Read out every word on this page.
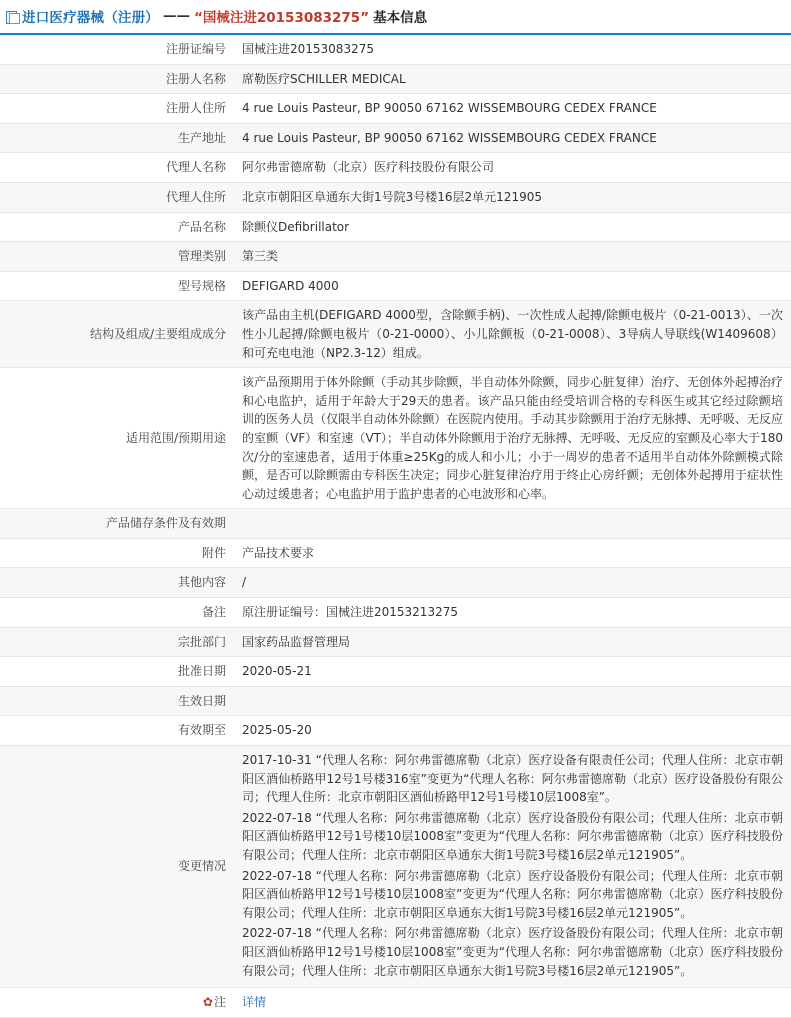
进口医疗器械（注册） —— “国械注进20153083275” 基本信息
注册证编号	国械注进20153083275
注册人名称	席勒医疗SCHILLER MEDICAL
注册人住所	4 rue Louis Pasteur, BP 90050 67162 WISSEMBOURG CEDEX FRANCE
生产地址	4 rue Louis Pasteur, BP 90050 67162 WISSEMBOURG CEDEX FRANCE
代理人名称	阿尔弗雷德席勒（北京）医疗科技股份有限公司
代理人住所	北京市朝阳区阜通东大街1号院3号楼16层2单元121905
产品名称	除颤仪Defibrillator
管理类别	第三类
型号规格	DEFIGARD 4000
结构及组成/主要组成成分	该产品由主机(DEFIGARD 4000型，含除颤手柄)、一次性成人起搏/除颤电极片（0-21-0013）、一次性小儿起搏/除颤电极片（0-21-0000）、小儿除颤板（0-21-0008）、3导病人导联线(W1409608）和可充电电池（NP2.3-12）组成。
适用范围/预期用途	该产品预期用于体外除颤（手动其步除颤，半自动体外除颤，同步心脏复律）治疗、无创体外起搏治疗和心电监护，适用于年龄大于29天的患者。该产品只能由经受培训合格的专科医生或其它经过除颤培训的医务人员（仅限半自动体外除颤）在医院内使用。手动其步除颤用于治疗无脉搏、无呼吸、无反应的室颤（VF）和室速（VT）；半自动体外除颤用于治疗无脉搏、无呼吸、无反应的室颤及心率大于180次/分的室速患者，适用于体重≥25Kg的成人和小儿；小于一周岁的患者不适用半自动体外除颤模式除颤，是否可以除颤需由专科医生决定；同步心脏复律治疗用于终止心房纤颤；无创体外起搏用于症状性心动过缓患者；心电监护用于监护患者的心电波形和心率。
产品储存条件及有效期	
附件	产品技术要求
其他内容	/
备注	原注册证编号：国械注进20153213275
宗批部门	国家药品监督管理局
批准日期	2020-05-21
生效日期	
有效期至	2025-05-20
变更情况	2017-10-31 “代理人名称：阿尔弗雷德席勒（北京）医疗设备有限责任公司；代理人住所：北京市朝阳区酒仙桥路甲12号1号楼316室”变更为“代理人名称：阿尔弗雷德席勒（北京）医疗设备股份有限公司；代理人住所：北京市朝阳区酒仙桥路甲12号1号楼10层1008室”。

2022-07-18 “代理人名称：阿尔弗雷德席勒（北京）医疗设备股份有限公司；代理人住所：北京市朝阳区酒仙桥路甲12号1号楼10层1008室”变更为“代理人名称：阿尔弗雷德席勒（北京）医疗科技股份有限公司；代理人住所：北京市朝阳区阜通东大街1号院3号楼16层2单元121905”。

2022-07-18 “代理人名称：阿尔弗雷德席勒（北京）医疗设备股份有限公司；代理人住所：北京市朝阳区酒仙桥路甲12号1号楼10层1008室”变更为“代理人名称：阿尔弗雷德席勒（北京）医疗科技股份有限公司；代理人住所：北京市朝阳区阜通东大街1号院3号楼16层2单元121905”。

2022-07-18 “代理人名称：阿尔弗雷德席勒（北京）医疗设备股份有限公司；代理人住所：北京市朝阳区酒仙桥路甲12号1号楼10层1008室”变更为“代理人名称：阿尔弗雷德席勒（北京）医疗科技股份有限公司；代理人住所：北京市朝阳区阜通东大街1号院3号楼16层2单元121905”。

✿注	详情
